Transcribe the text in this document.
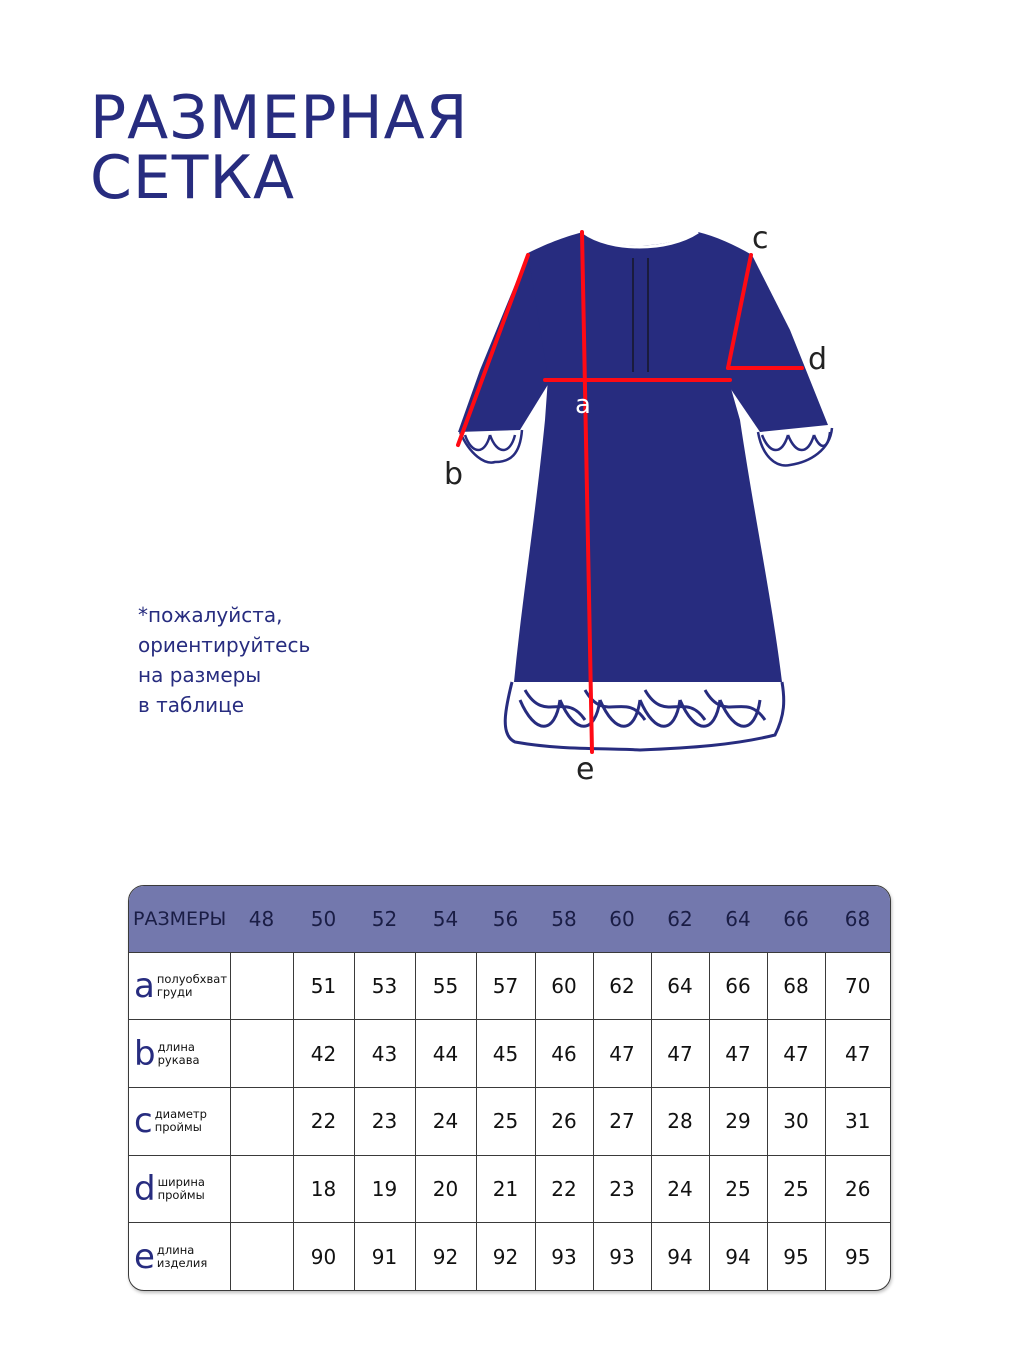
РАЗМЕРНАЯ
СЕТКА

*пожалуйста,
ориентируйтесь
на размеры
в таблице

c
d
a
b
e
РАЗМЕРЫ	48	50	52	54	56	58	60	62	64	66	68

a полуобхват
груди		51	53	55	57	60	62	64	66	68	70

b длина
рукава		42	43	44	45	46	47	47	47	47	47

c диаметр
проймы		22	23	24	25	26	27	28	29	30	31

d ширина
проймы		18	19	20	21	22	23	24	25	25	26

e длина
изделия		90	91	92	92	93	93	94	94	95	95
